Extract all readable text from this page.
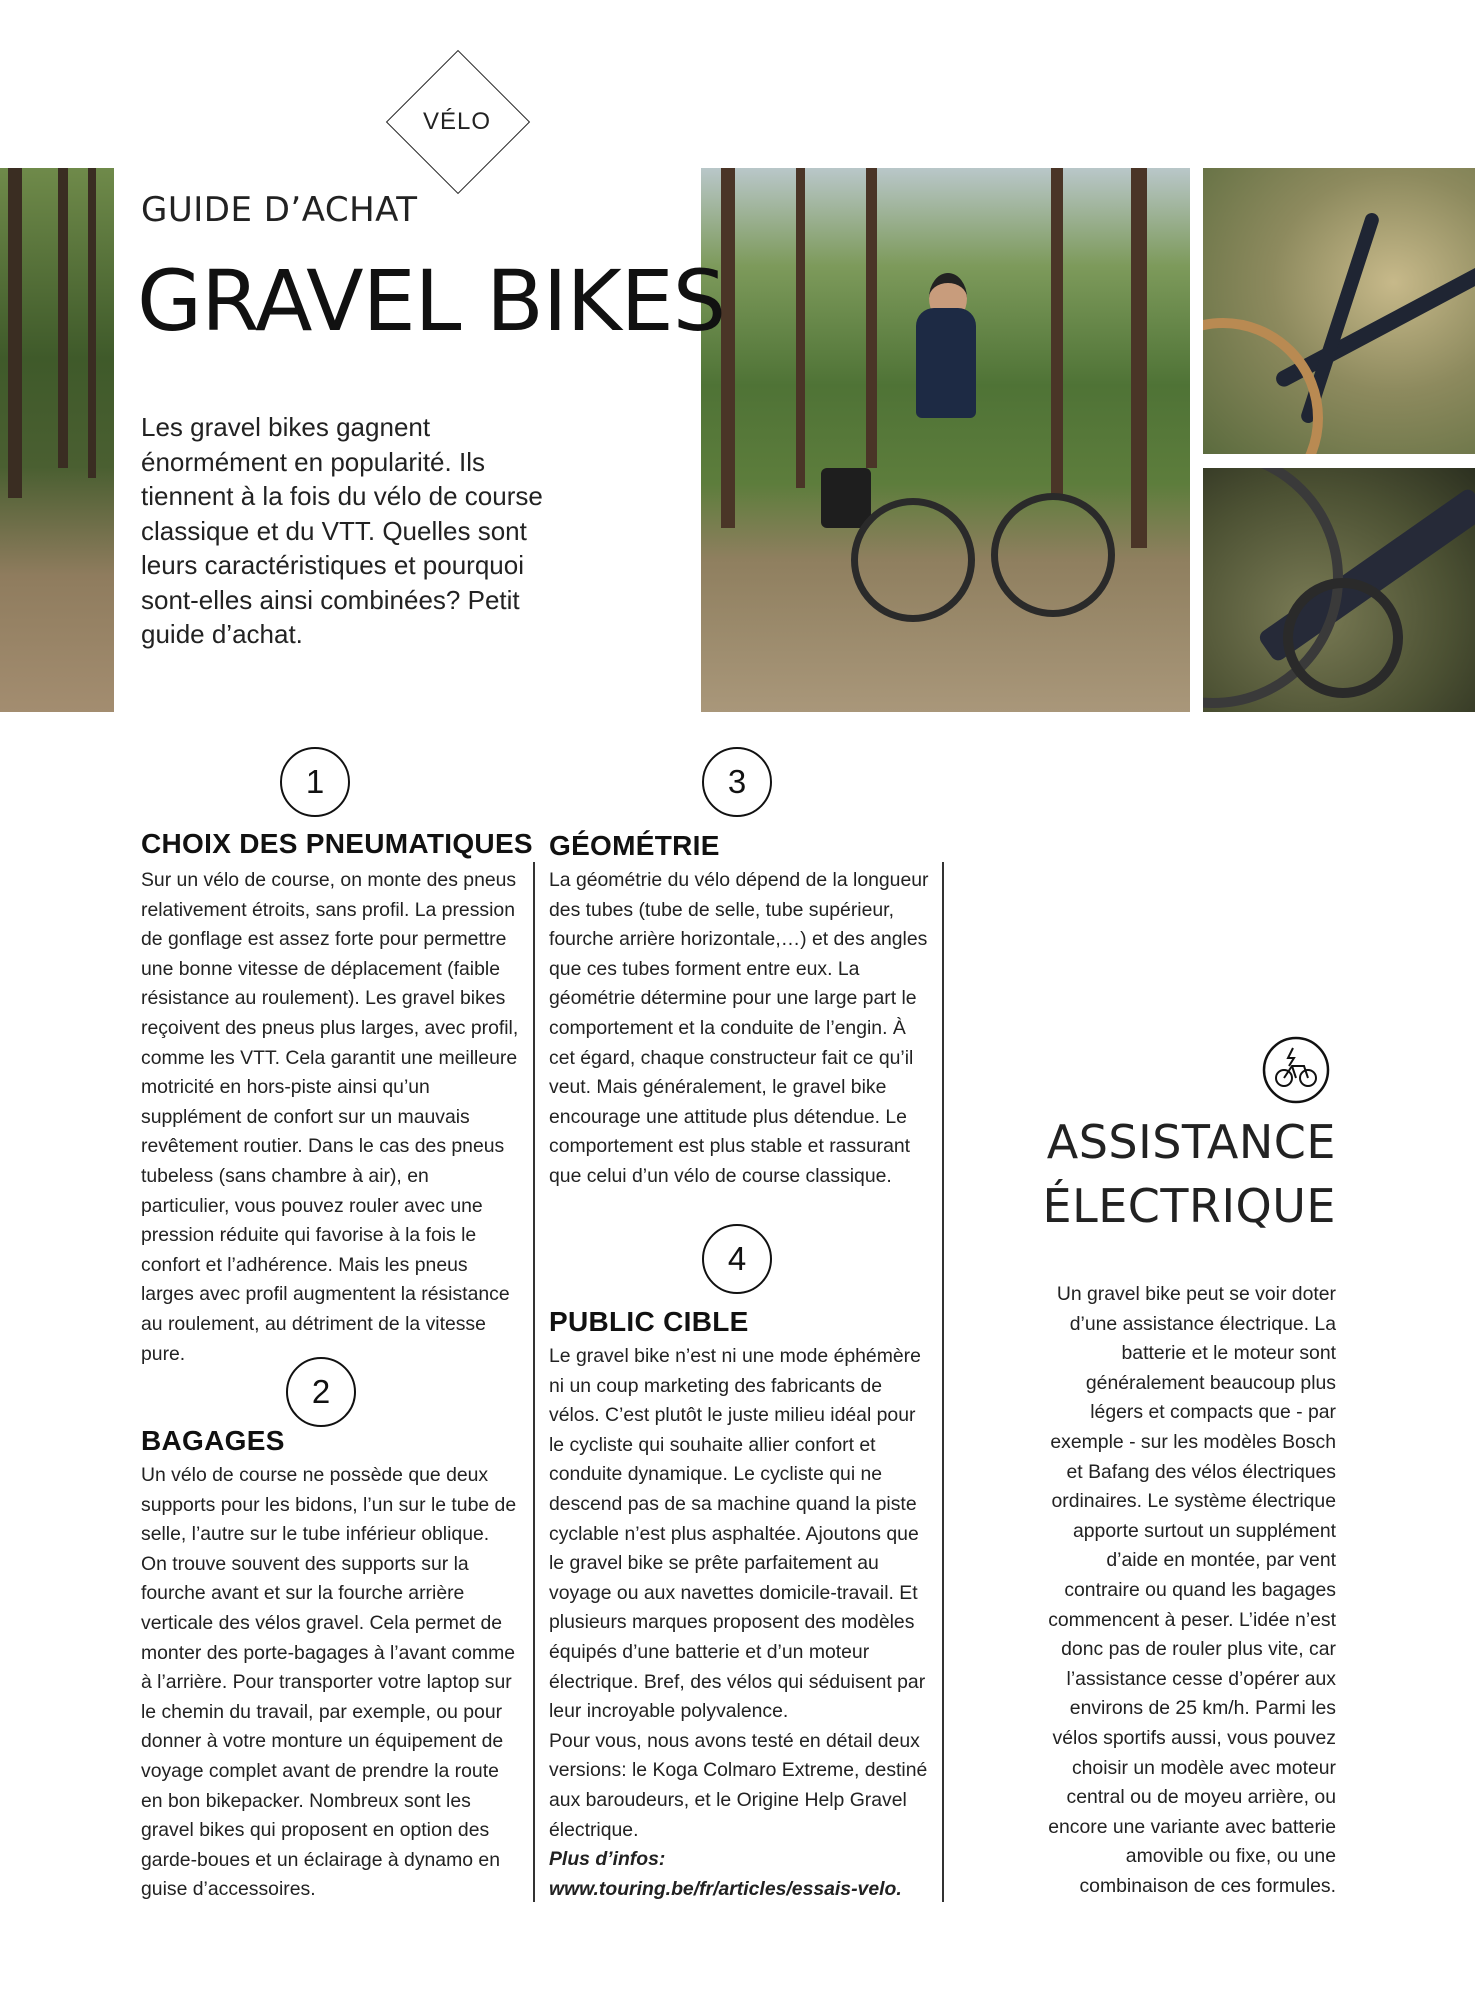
VÉLO
GUIDE D’ACHAT
GRAVEL BIKES

Les gravel bikes gagnent énormément en popularité. Ils tiennent à la fois du vélo de course classique et du VTT. Quelles sont leurs caractéristiques et pourquoi sont-elles ainsi combinées? Petit guide d’achat.

1
CHOIX DES PNEUMATIQUES

Sur un vélo de course, on monte des pneus relativement étroits, sans profil. La pression de gonflage est assez forte pour permettre une bonne vitesse de déplacement (faible résistance au roulement). Les gravel bikes reçoivent des pneus plus larges, avec profil, comme les VTT. Cela garantit une meilleure motricité en hors-piste ainsi qu’un supplément de confort sur un mauvais revêtement routier. Dans le cas des pneus tubeless (sans chambre à air), en particulier, vous pouvez rouler avec une pression réduite qui favorise à la fois le confort et l’adhérence. Mais les pneus larges avec profil augmentent la résistance au roulement, au détriment de la vitesse pure.

2
BAGAGES

Un vélo de course ne possède que deux supports pour les bidons, l’un sur le tube de selle, l’autre sur le tube inférieur oblique. On trouve souvent des supports sur la fourche avant et sur la fourche arrière verticale des vélos gravel. Cela permet de monter des porte-bagages à l’avant comme à l’arrière. Pour transporter votre laptop sur le chemin du travail, par exemple, ou pour donner à votre monture un équipement de voyage complet avant de prendre la route en bon bikepacker. Nombreux sont les gravel bikes qui proposent en option des garde-boues et un éclairage à dynamo en guise d’accessoires.

3
GÉOMÉTRIE

La géométrie du vélo dépend de la longueur des tubes (tube de selle, tube supérieur, fourche arrière horizontale,…) et des angles que ces tubes forment entre eux. La géométrie détermine pour une large part le comportement et la conduite de l’engin. À cet égard, chaque constructeur fait ce qu’il veut. Mais généralement, le gravel bike encourage une attitude plus détendue. Le comportement est plus stable et rassurant que celui d’un vélo de course classique.

4
PUBLIC CIBLE

Le gravel bike n’est ni une mode éphémère ni un coup marketing des fabricants de vélos. C’est plutôt le juste milieu idéal pour le cycliste qui souhaite allier confort et conduite dynamique. Le cycliste qui ne descend pas de sa machine quand la piste cyclable n’est plus asphaltée. Ajoutons que le gravel bike se prête parfaitement au voyage ou aux navettes domicile-travail. Et plusieurs marques proposent des modèles équipés d’une batterie et d’un moteur électrique. Bref, des vélos qui séduisent par leur incroyable polyvalence.

Pour vous, nous avons testé en détail deux versions: le Koga Colmaro Extreme, destiné aux baroudeurs, et le Origine Help Gravel électrique.

Plus d’infos: www.touring.be/fr/articles/essais-velo.

ASSISTANCE
ÉLECTRIQUE

Un gravel bike peut se voir doter d’une assistance électrique. La batterie et le moteur sont généralement beaucoup plus légers et compacts que - par exemple - sur les modèles Bosch et Bafang des vélos électriques ordinaires. Le système électrique apporte surtout un supplément d’aide en montée, par vent contraire ou quand les bagages commencent à peser. L’idée n’est donc pas de rouler plus vite, car l’assistance cesse d’opérer aux environs de 25 km/h. Parmi les vélos sportifs aussi, vous pouvez choisir un modèle avec moteur central ou de moyeu arrière, ou encore une variante avec batterie amovible ou fixe, ou une combinaison de ces formules.
